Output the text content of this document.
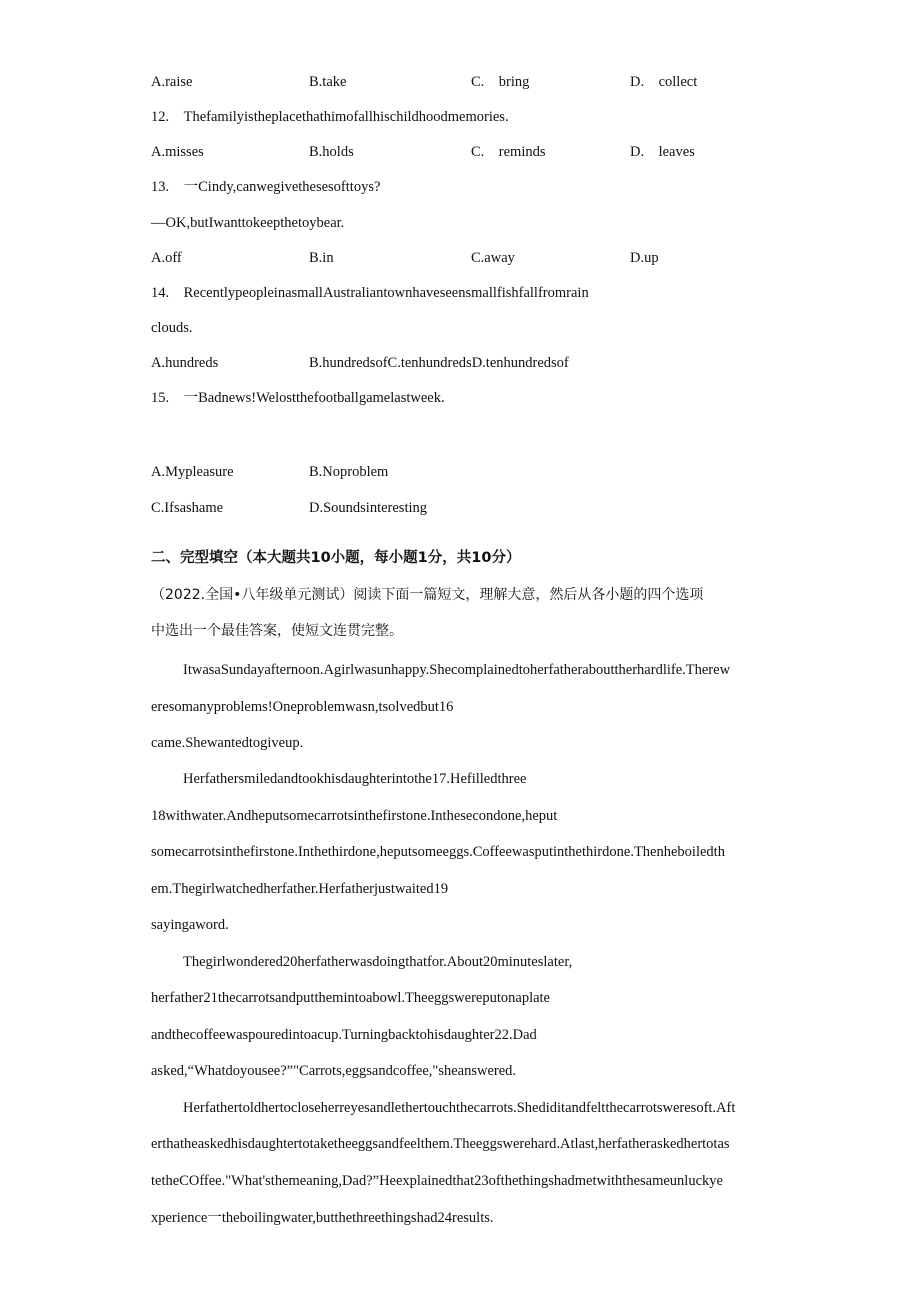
A.raise	B.take	C.    bring	D.    collect
12.    Thefamilyistheplacethathimofallhischildhoodmemories.
A.misses	B.holds	C.    reminds	D.    leaves
13.    一Cindy,canwegivethesesofttoys?
—OK,butIwanttokeepthetoybear.
A.off	B.in	C.away	D.up
14.    RecentlypeopleinasmallAustraliantownhaveseensmallfishfallfromrain
clouds.
A.hundreds	B.hundredsofC.tenhundredsD.tenhundredsof
15.    一Badnews!Welostthefootballgamelastweek.
A.Mypleasure	B.Noproblem
C.Ifsashame	D.Soundsinteresting
二、完型填空（本大题共10小题，每小题1分，共10分）
（2022.全国•八年级单元测试）阅读下面一篇短文，理解大意，然后从各小题的四个选项
中选出一个最佳答案，使短文连贯完整。
ItwasaSundayafternoon.Agirlwasunhappy.Shecomplainedtoherfatherabouttherhardlife.Therew
eresomanyproblems!Oneproblemwasn,tsolvedbut16
came.Shewantedtogiveup.
Herfathersmiledandtookhisdaughterintothe17.Hefilledthree
18withwater.Andheputsomecarrotsinthefirstone.Inthesecondone,heput
somecarrotsinthefirstone.Inthethirdone,heputsomeeggs.Coffeewasputinthethirdone.Thenheboiledth
em.Thegirlwatchedherfather.Herfatherjustwaited19
sayingaword.
Thegirlwondered20herfatherwasdoingthatfor.About20minuteslater,
herfather21thecarrotsandputthemintoabowl.Theeggswereputonaplate
andthecoffeewaspouredintoacup.Turningbacktohisdaughter22.Dad
asked,“Whatdoyousee?”"Carrots,eggsandcoffee,"sheanswered.
Herfathertoldhertocloseherreyesandlethertouchthecarrots.Shediditandfeltthecarrotsweresoft.Aft
erthatheaskedhisdaughtertotaketheeggsandfeelthem.Theeggswerehard.Atlast,herfatheraskedhertotas
tetheCOffee."What'sthemeaning,Dad?”Heexplainedthat23ofthethingshadmetwiththesameunluckye
xperience一theboilingwater,butthethreethingshad24results.
